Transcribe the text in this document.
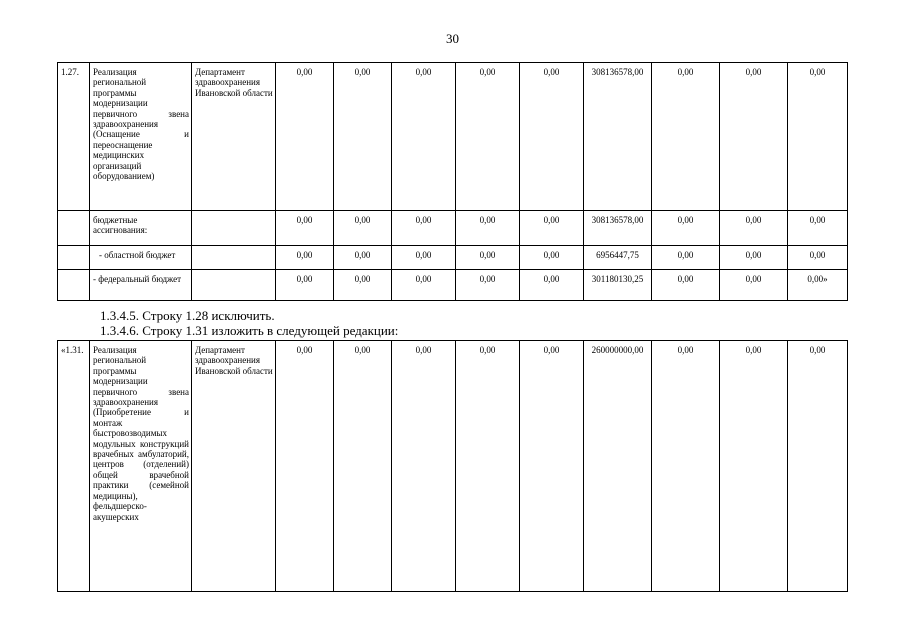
30
1.27.	Реализация региональной программы модернизации первичного звена здравоохранения (Оснащение и переоснащение медицинских организаций оборудованием)	Департамент здравоохранения Ивановской области	0,00	0,00	0,00	0,00	0,00	308136578,00	0,00	0,00	0,00
	бюджетные ассигнования:		0,00	0,00	0,00	0,00	0,00	308136578,00	0,00	0,00	0,00
	- областной бюджет		0,00	0,00	0,00	0,00	0,00	6956447,75	0,00	0,00	0,00
	- федеральный бюджет		0,00	0,00	0,00	0,00	0,00	301180130,25	0,00	0,00	0,00»
1.3.4.5. Строку 1.28 исключить.
1.3.4.6. Строку 1.31 изложить в следующей редакции:
«1.31.	Реализация региональной программы модернизации первичного звена здравоохранения (Приобретение и монтаж быстровозводимых модульных конструкций врачебных амбулаторий, центров (отделений) общей врачебной практики (семейной медицины), фельдшерско-акушерских	Департамент здравоохранения Ивановской области	0,00	0,00	0,00	0,00	0,00	260000000,00	0,00	0,00	0,00
